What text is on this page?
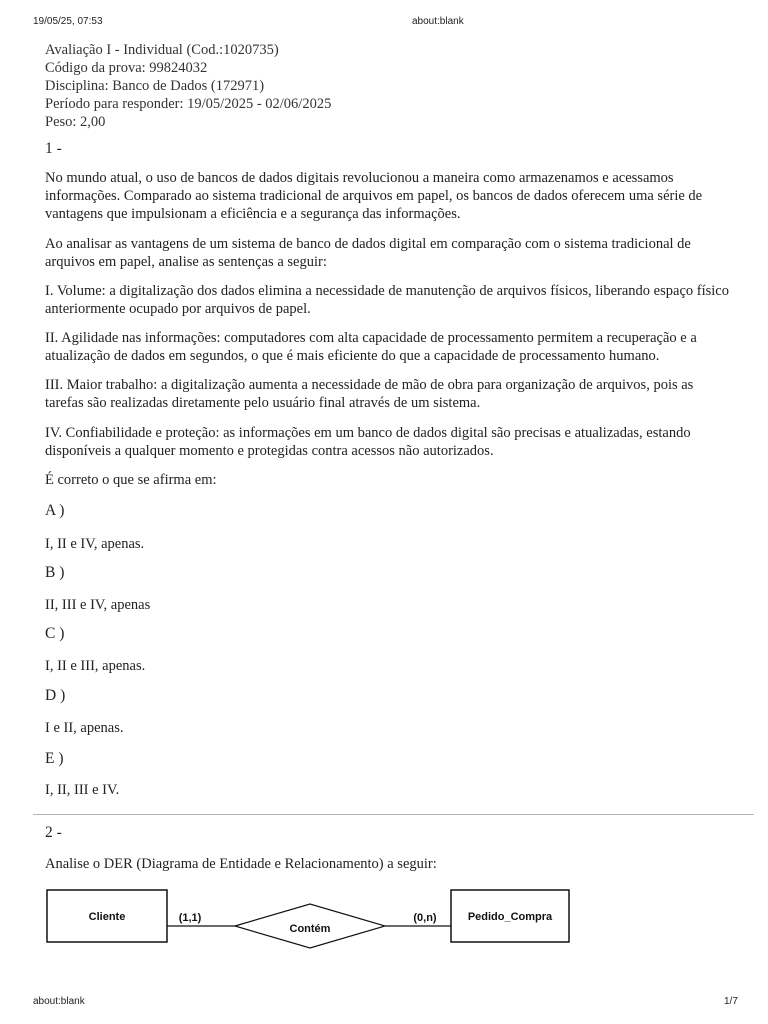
19/05/25, 07:53	about:blank
Avaliação I - Individual (Cod.:1020735)
Código da prova: 99824032
Disciplina: Banco de Dados (172971)
Período para responder: 19/05/2025 - 02/06/2025
Peso: 2,00
1 -

No mundo atual, o uso de bancos de dados digitais revolucionou a maneira como armazenamos e acessamos informações. Comparado ao sistema tradicional de arquivos em papel, os bancos de dados oferecem uma série de vantagens que impulsionam a eficiência e a segurança das informações.

Ao analisar as vantagens de um sistema de banco de dados digital em comparação com o sistema tradicional de arquivos em papel, analise as sentenças a seguir:

I. Volume: a digitalização dos dados elimina a necessidade de manutenção de arquivos físicos, liberando espaço físico anteriormente ocupado por arquivos de papel.

II. Agilidade nas informações: computadores com alta capacidade de processamento permitem a recuperação e a atualização de dados em segundos, o que é mais eficiente do que a capacidade de processamento humano.

III. Maior trabalho: a digitalização aumenta a necessidade de mão de obra para organização de arquivos, pois as tarefas são realizadas diretamente pelo usuário final através de um sistema.

IV. Confiabilidade e proteção: as informações em um banco de dados digital são precisas e atualizadas, estando disponíveis a qualquer momento e protegidas contra acessos não autorizados.

É correto o que se afirma em:

A )
I, II e IV, apenas.
B )
II, III e IV, apenas
C )
I, II e III, apenas.
D )
I e II, apenas.
E )
I, II, III e IV.
2 -

Analise o DER (Diagrama de Entidade e Relacionamento) a seguir:

Cliente	(1,1)
Contém
(0,n)	Pedido_Compra
about:blank	1/7
